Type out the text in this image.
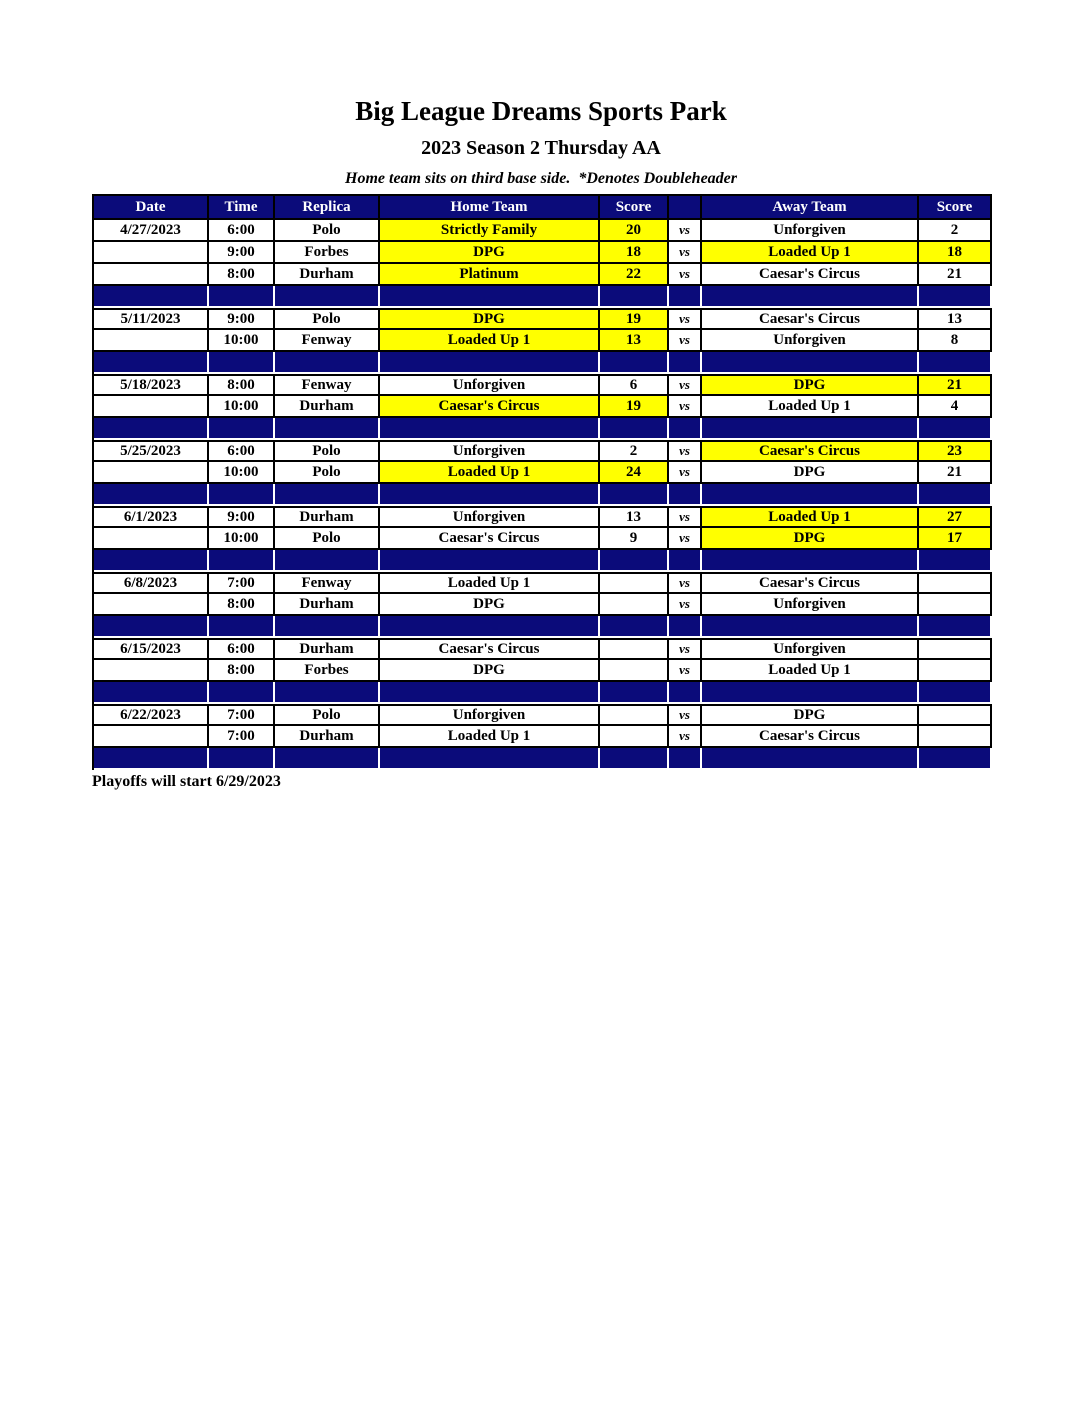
Big League Dreams Sports Park
2023 Season 2 Thursday AA
Home team sits on third base side.  *Denotes Doubleheader
Date	Time	Replica	Home Team	Score		Away Team	Score
4/27/2023	6:00	Polo	Strictly Family	20	vs	Unforgiven	2
	9:00	Forbes	DPG	18	vs	Loaded Up 1	18
	8:00	Durham	Platinum	22	vs	Caesar's Circus	21

5/11/2023	9:00	Polo	DPG	19	vs	Caesar's Circus	13
	10:00	Fenway	Loaded Up 1	13	vs	Unforgiven	8

5/18/2023	8:00	Fenway	Unforgiven	6	vs	DPG	21
	10:00	Durham	Caesar's Circus	19	vs	Loaded Up 1	4

5/25/2023	6:00	Polo	Unforgiven	2	vs	Caesar's Circus	23
	10:00	Polo	Loaded Up 1	24	vs	DPG	21

6/1/2023	9:00	Durham	Unforgiven	13	vs	Loaded Up 1	27
	10:00	Polo	Caesar's Circus	9	vs	DPG	17

6/8/2023	7:00	Fenway	Loaded Up 1		vs	Caesar's Circus	
	8:00	Durham	DPG		vs	Unforgiven	

6/15/2023	6:00	Durham	Caesar's Circus		vs	Unforgiven	
	8:00	Forbes	DPG		vs	Loaded Up 1	

6/22/2023	7:00	Polo	Unforgiven		vs	DPG	
	7:00	Durham	Loaded Up 1		vs	Caesar's Circus	

Playoffs will start 6/29/2023
